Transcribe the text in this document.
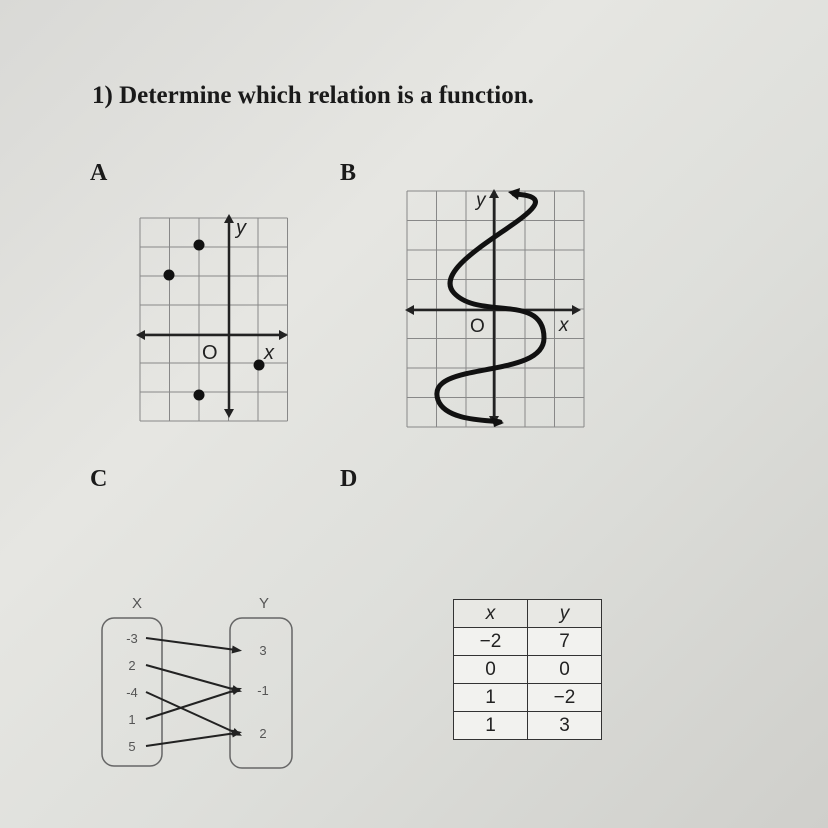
1) Determine which relation is a function.
A
y
x
O
B
y
x
O
C
X	Y
-3
2
-4
1
5
3
-1
2
D
x	y
−2	7
0	0
1	−2
1	3
